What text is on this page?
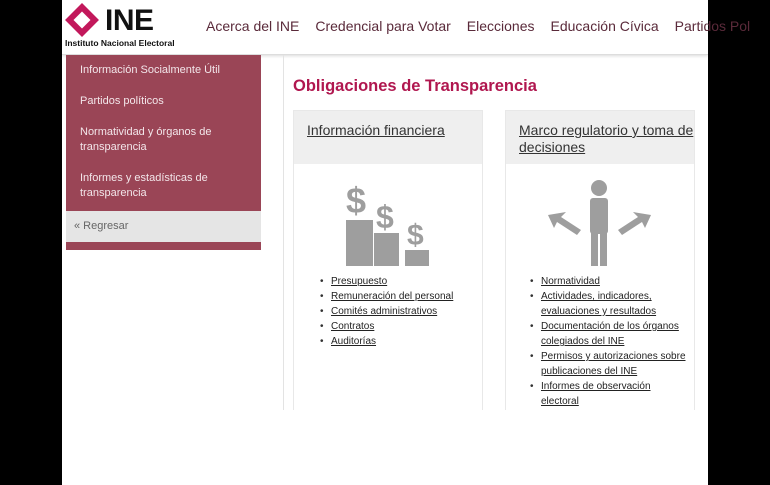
INE
Instituto Nacional Electoral
Acerca del INE Credencial para Votar Elecciones Educación Cívica Partidos Pol
Información Socialmente Útil
Partidos políticos
Normatividad y órganos de transparencia
Informes y estadísticas de transparencia
« Regresar
Obligaciones de Transparencia
Información financiera
$ $
$
• Presupuesto
• Remuneración del personal
• Comités administrativos
• Contratos
• Auditorías
Marco regulatorio y toma de decisiones
• Normatividad
• Actividades, indicadores, evaluaciones y resultados
• Documentación de los órganos colegiados del INE
• Permisos y autorizaciones sobre publicaciones del INE
• Informes de observación electoral
